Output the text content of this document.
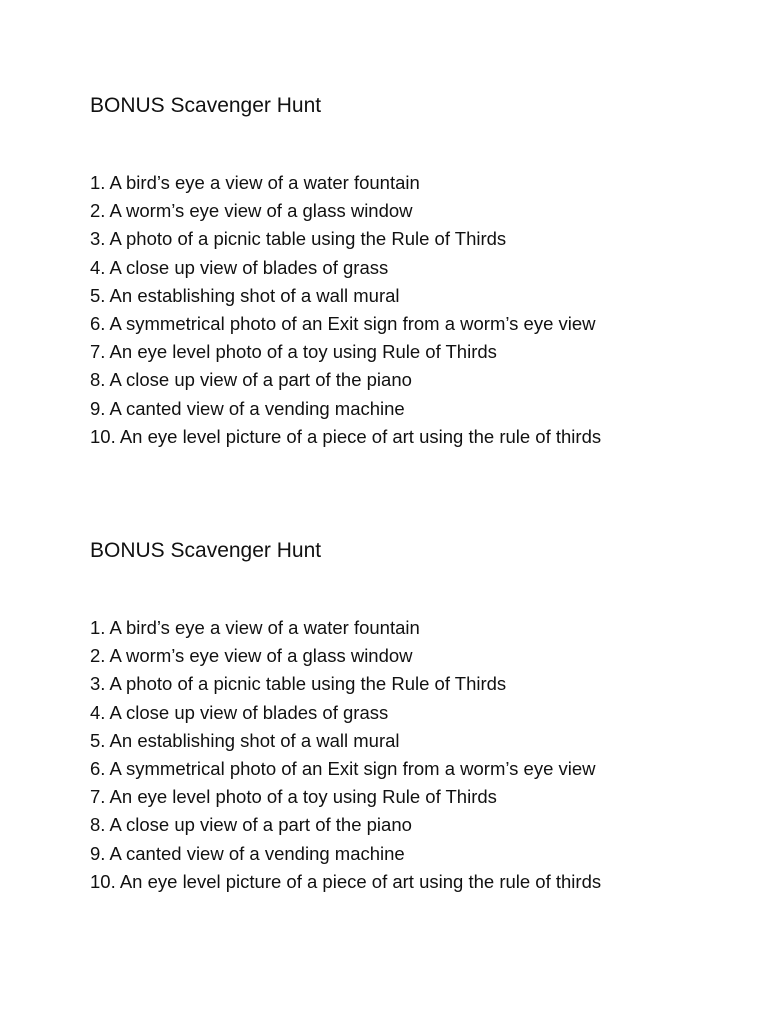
BONUS Scavenger Hunt
1. A bird’s eye a view of a water fountain
2. A worm’s eye view of a glass window
3. A photo of a picnic table using the Rule of Thirds
4. A close up view of blades of grass
5. An establishing shot of a wall mural
6. A symmetrical photo of an Exit sign from a worm’s eye view
7. An eye level photo of a toy using Rule of Thirds
8. A close up view of a part of the piano
9. A canted view of a vending machine
10. An eye level picture of a piece of art using the rule of thirds
BONUS Scavenger Hunt
1. A bird’s eye a view of a water fountain
2. A worm’s eye view of a glass window
3. A photo of a picnic table using the Rule of Thirds
4. A close up view of blades of grass
5. An establishing shot of a wall mural
6. A symmetrical photo of an Exit sign from a worm’s eye view
7. An eye level photo of a toy using Rule of Thirds
8. A close up view of a part of the piano
9. A canted view of a vending machine
10. An eye level picture of a piece of art using the rule of thirds
